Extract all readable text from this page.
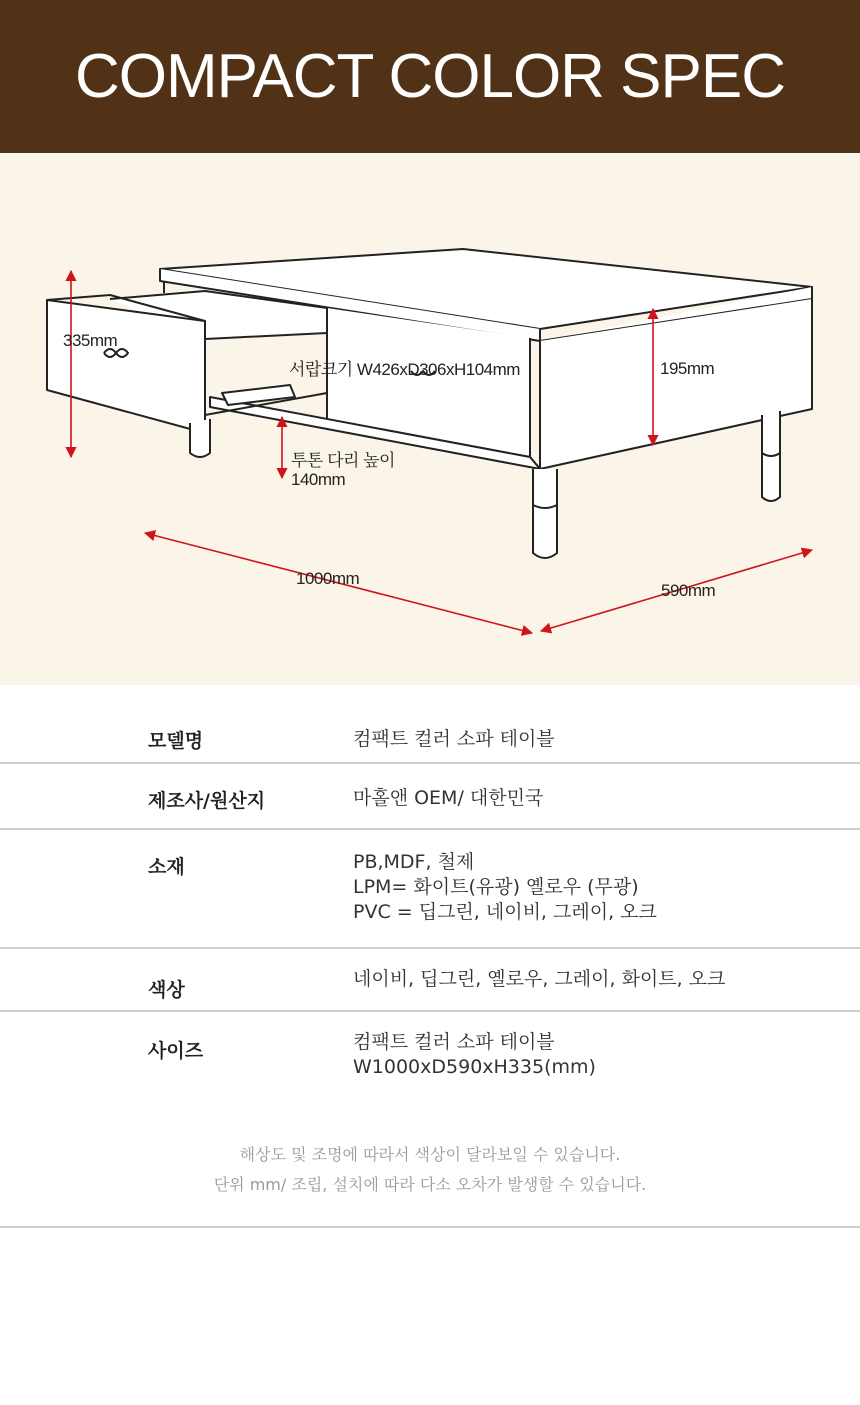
COMPACT COLOR SPEC
335mm
서랍크기 W426xD306xH104mm	195mm
투톤 다리 높이
140mm
1000mm
590mm
모델명	컴팩트 컬러 소파 테이블
제조사/원산지	마홀앤 OEM/ 대한민국
소재	PB,MDF, 철제
LPM= 화이트(유광) 옐로우 (무광)
PVC = 딥그린, 네이비, 그레이, 오크
색상	네이비, 딥그린, 옐로우, 그레이, 화이트, 오크
사이즈	컴팩트 컬러 소파 테이블
W1000xD590xH335(mm)
해상도 및 조명에 따라서 색상이 달라보일 수 있습니다.
단위 mm/ 조립, 설치에 따라 다소 오차가 발생할 수 있습니다.
